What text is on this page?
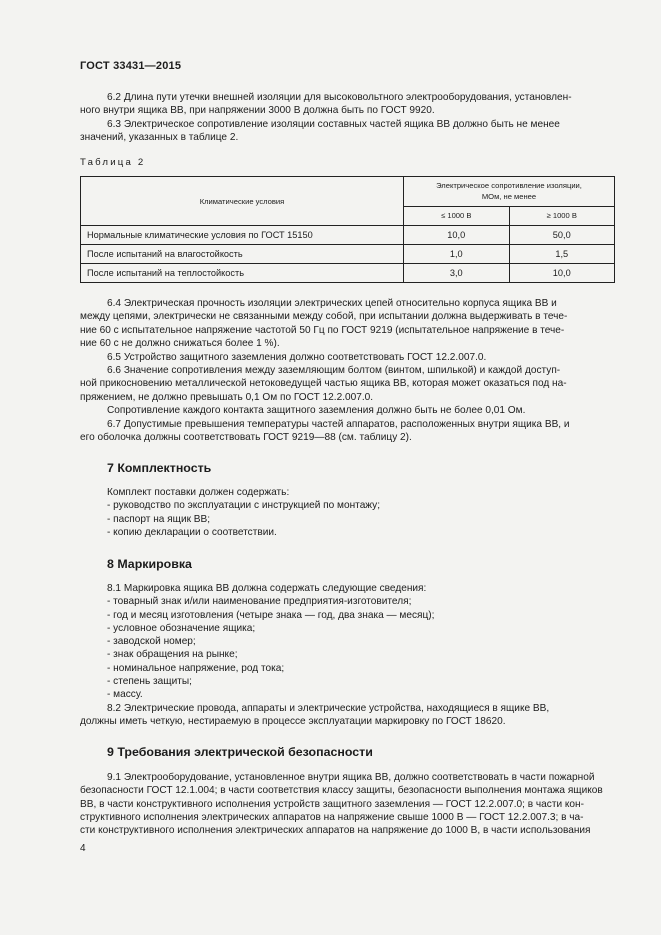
ГОСТ 33431—2015
6.2 Длина пути утечки внешней изоляции для высоковольтного электрооборудования, установлен-
ного внутри ящика ВВ, при напряжении 3000 В должна быть по ГОСТ 9920.
6.3 Электрическое сопротивление изоляции составных частей ящика ВВ должно быть не менее
значений, указанных в таблице 2.
Таблица 2
Климатические условия	Электрическое сопротивление изоляции,
МОм, не менее	

	≤ 1000 В	≥ 1000 В
Нормальные климатические условия по ГОСТ 15150	10,0	50,0
После испытаний на влагостойкость	1,0	1,5
После испытаний на теплостойкость	3,0	10,0
6.4 Электрическая прочность изоляции электрических цепей относительно корпуса ящика ВВ и
между цепями, электрически не связанными между собой, при испытании должна выдерживать в тече-
ние 60 с испытательное напряжение частотой 50 Гц по ГОСТ 9219 (испытательное напряжение в тече-
ние 60 с не должно снижаться более 1 %).
6.5 Устройство защитного заземления должно соответствовать ГОСТ 12.2.007.0.
6.6 Значение сопротивления между заземляющим болтом (винтом, шпилькой) и каждой доступ-
ной прикосновению металлической нетоковедущей частью ящика ВВ, которая может оказаться под на-
пряжением, не должно превышать 0,1 Ом по ГОСТ 12.2.007.0.
Сопротивление каждого контакта защитного заземления должно быть не более 0,01 Ом.
6.7 Допустимые превышения температуры частей аппаратов, расположенных внутри ящика ВВ, и
его оболочка должны соответствовать ГОСТ 9219—88 (см. таблицу 2).
7 Комплектность
Комплект поставки должен содержать:
- руководство по эксплуатации с инструкцией по монтажу;
- паспорт на ящик ВВ;
- копию декларации о соответствии.
8 Маркировка
8.1 Маркировка ящика ВВ должна содержать следующие сведения:
- товарный знак и/или наименование предприятия-изготовителя;
- год и месяц изготовления (четыре знака — год, два знака — месяц);
- условное обозначение ящика;
- заводской номер;
- знак обращения на рынке;
- номинальное напряжение, род тока;
- степень защиты;
- массу.
8.2 Электрические провода, аппараты и электрические устройства, находящиеся в ящике ВВ,
должны иметь четкую, нестираемую в процессе эксплуатации маркировку по ГОСТ 18620.
9 Требования электрической безопасности
9.1 Электрооборудование, установленное внутри ящика ВВ, должно соответствовать в части пожарной
безопасности ГОСТ 12.1.004; в части соответствия классу защиты, безопасности выполнения монтажа ящиков
ВВ, в части конструктивного исполнения устройств защитного заземления — ГОСТ 12.2.007.0; в части кон-
структивного исполнения электрических аппаратов на напряжение свыше 1000 В — ГОСТ 12.2.007.3; в ча-
сти конструктивного исполнения электрических аппаратов на напряжение до 1000 В, в части использования
4
